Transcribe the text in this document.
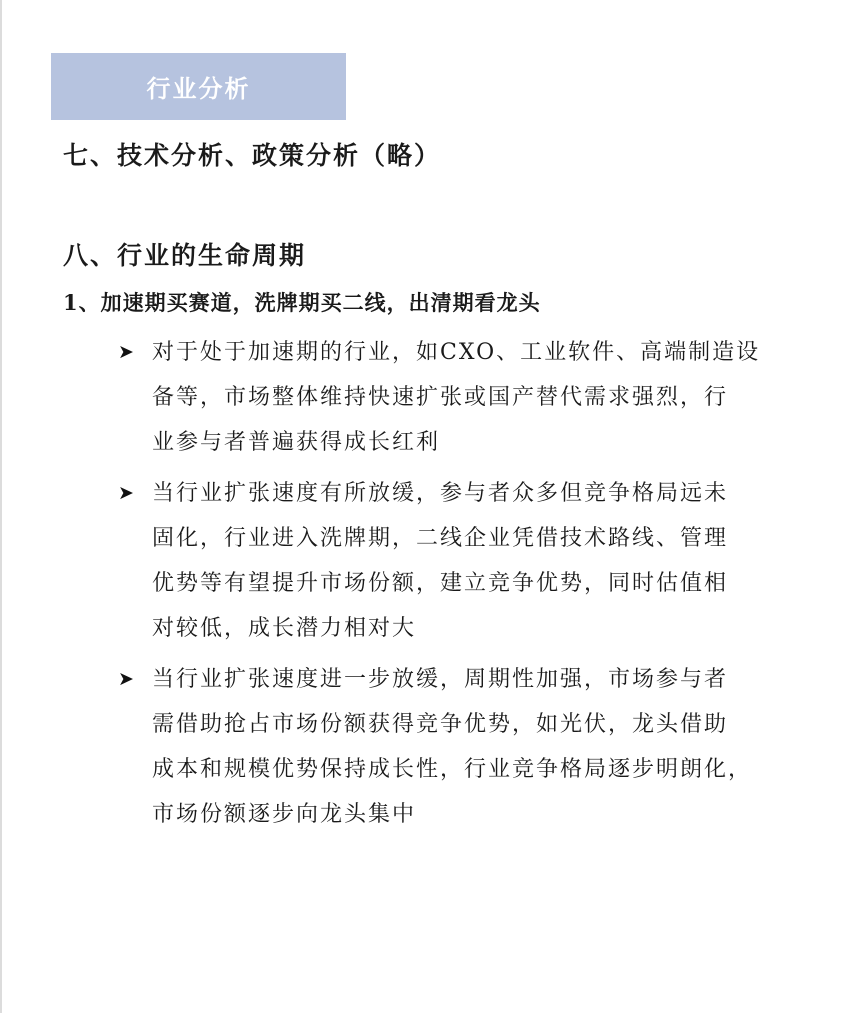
行业分析
七、技术分析、政策分析（略）
八、行业的生命周期
1、加速期买赛道，洗牌期买二线，出清期看龙头
➤ 对于处于加速期的行业，如CXO、工业软件、高端制造设
备等，市场整体维持快速扩张或国产替代需求强烈，行
业参与者普遍获得成长红利
➤ 当行业扩张速度有所放缓，参与者众多但竞争格局远未
固化，行业进入洗牌期，二线企业凭借技术路线、管理
优势等有望提升市场份额，建立竞争优势，同时估值相
对较低，成长潜力相对大
➤ 当行业扩张速度进一步放缓，周期性加强，市场参与者
需借助抢占市场份额获得竞争优势，如光伏，龙头借助
成本和规模优势保持成长性，行业竞争格局逐步明朗化，
市场份额逐步向龙头集中
